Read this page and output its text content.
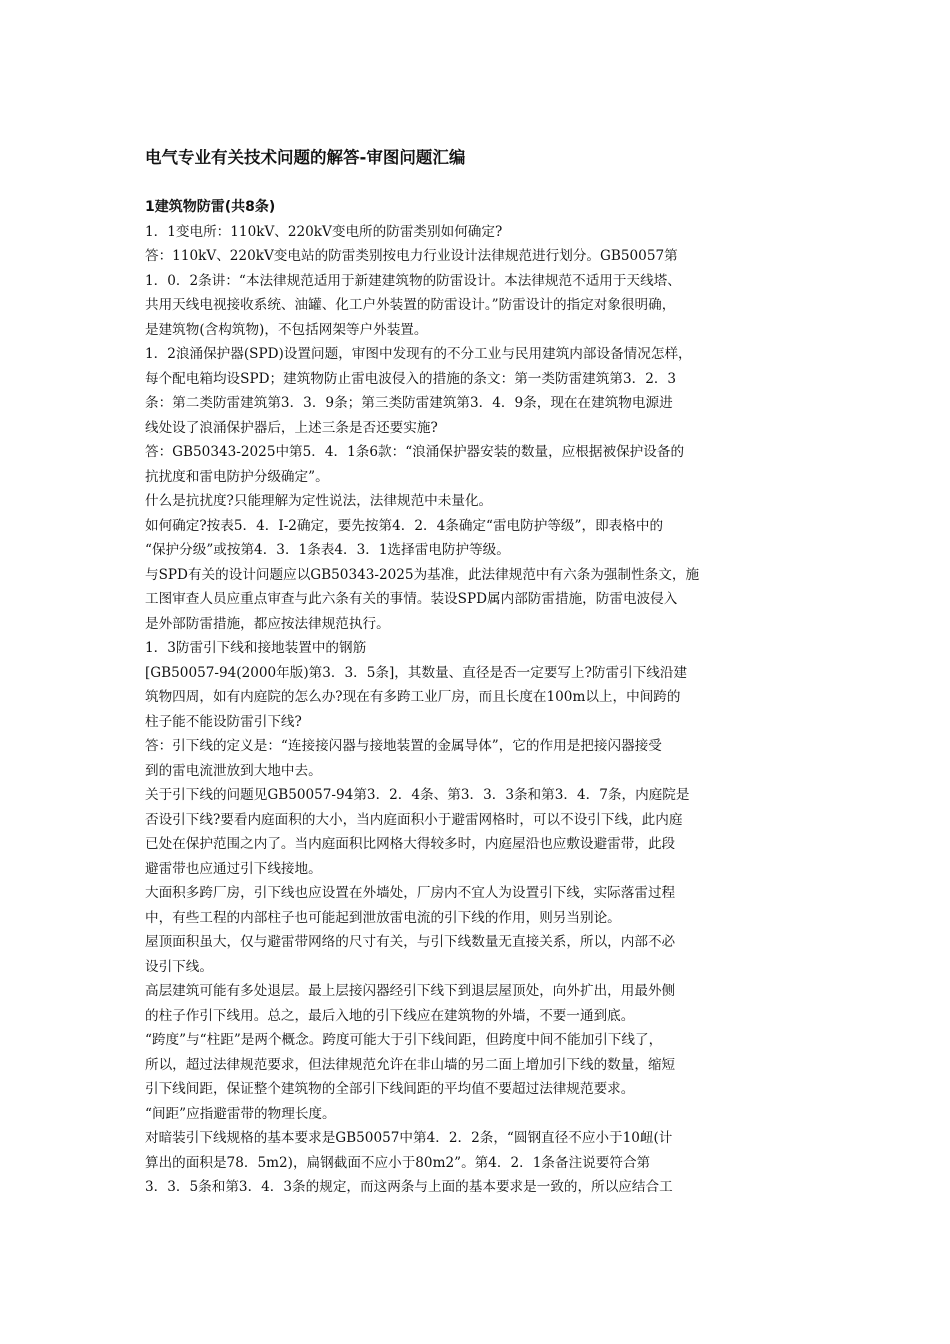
电气专业有关技术问题的解答-审图问题汇编
1建筑物防雷(共8条)
1．1变电所：110kV、220kV变电所的防雷类别如何确定?
答：110kV、220kV变电站的防雷类别按电力行业设计法律规范进行划分。GB50057第
1．0．2条讲：“本法律规范适用于新建建筑物的防雷设计。本法律规范不适用于天线塔、
共用天线电视接收系统、油罐、化工户外装置的防雷设计。”防雷设计的指定对象很明确，
是建筑物(含构筑物)，不包括网架等户外装置。
1．2浪涌保护器(SPD)设置问题，审图中发现有的不分工业与民用建筑内部设备情况怎样，
每个配电箱均设SPD；建筑物防止雷电波侵入的措施的条文：第一类防雷建筑第3．2．3
条：第二类防雷建筑第3．3．9条；第三类防雷建筑第3．4．9条，现在在建筑物电源进
线处设了浪涌保护器后，上述三条是否还要实施?
答：GB50343-2025中第5．4．1条6款：“浪涌保护器安装的数量，应根据被保护设备的
抗扰度和雷电防护分级确定”。
什么是抗扰度?只能理解为定性说法，法律规范中未量化。
如何确定?按表5．4．I-2确定，要先按第4．2．4条确定“雷电防护等级”，即表格中的
“保护分级”或按第4．3．1条表4．3．1选择雷电防护等级。
与SPD有关的设计问题应以GB50343-2025为基准，此法律规范中有六条为强制性条文，施
工图审查人员应重点审查与此六条有关的事情。装设SPD属内部防雷措施，防雷电波侵入
是外部防雷措施，都应按法律规范执行。
1．3防雷引下线和接地装置中的钢筋
[GB50057-94(2000年版)第3．3．5条]，其数量、直径是否一定要写上?防雷引下线沿建
筑物四周，如有内庭院的怎么办?现在有多跨工业厂房，而且长度在100m以上，中间跨的
柱子能不能设防雷引下线?
答：引下线的定义是：“连接接闪器与接地装置的金属导体”，它的作用是把接闪器接受
到的雷电流泄放到大地中去。
关于引下线的问题见GB50057-94第3．2．4条、第3．3．3条和第3．4．7条，内庭院是
否设引下线?要看内庭面积的大小，当内庭面积小于避雷网格时，可以不设引下线，此内庭
已处在保护范围之内了。当内庭面积比网格大得较多时，内庭屋沿也应敷设避雷带，此段
避雷带也应通过引下线接地。
大面积多跨厂房，引下线也应设置在外墙处，厂房内不宜人为设置引下线，实际落雷过程
中，有些工程的内部柱子也可能起到泄放雷电流的引下线的作用，则另当别论。
屋顶面积虽大，仅与避雷带网络的尺寸有关，与引下线数量无直接关系，所以，内部不必
设引下线。
高层建筑可能有多处退层。最上层接闪器经引下线下到退层屋顶处，向外扩出，用最外侧
的柱子作引下线用。总之，最后入地的引下线应在建筑物的外墙，不要一通到底。
“跨度”与“柱距”是两个概念。跨度可能大于引下线间距，但跨度中间不能加引下线了，
所以，超过法律规范要求，但法律规范允许在非山墙的另二面上增加引下线的数量，缩短
引下线间距，保证整个建筑物的全部引下线间距的平均值不要超过法律规范要求。
“间距”应指避雷带的物理长度。
对暗装引下线规格的基本要求是GB50057中第4．2．2条，“圆钢直径不应小于10衄(计
算出的面积是78．5m2)，扁钢截面不应小于80m2”。第4．2．1条备注说要符合第
3．3．5条和第3．4．3条的规定，而这两条与上面的基本要求是一致的，所以应结合工
